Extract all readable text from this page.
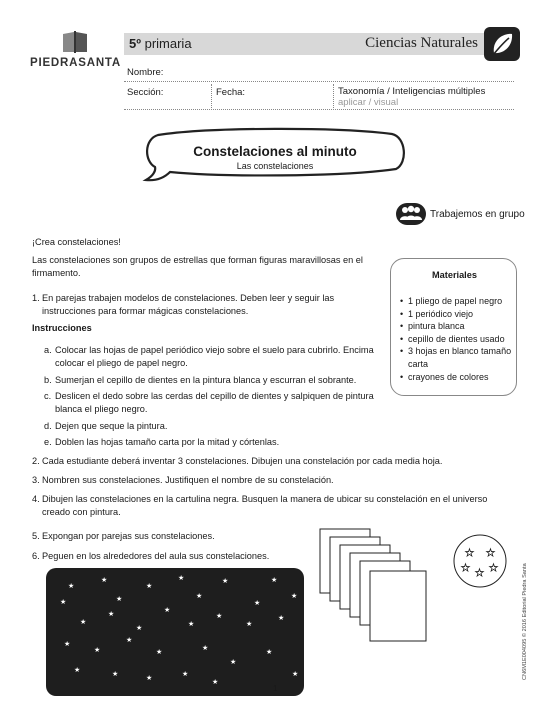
PIEDRASANTA
5º primaria	Ciencias Naturales
Nombre:
Sección:	Fecha:	Taxonomía / Inteligencias múltiples
aplicar / visual
Constelaciones al minuto
Las constelaciones
Trabajemos en grupo
¡Crea constelaciones!
Las constelaciones son grupos de estrellas que forman figuras maravillosas en el firmamento.
1. En parejas trabajen modelos de constelaciones. Deben leer y seguir las instrucciones para formar mágicas constelaciones.
Instrucciones
a. Colocar las hojas de papel periódico viejo sobre el suelo para cubrirlo. Encima colocar el pliego de papel negro.
b. Sumerjan el cepillo de dientes en la pintura blanca y escurran el sobrante.
c. Deslicen el dedo sobre las cerdas del cepillo de dientes y salpiquen de pintura blanca el pliego negro.
d. Dejen que seque la pintura.
e. Doblen las hojas tamaño carta por la mitad y córtenlas.
2. Cada estudiante deberá inventar 3 constelaciones. Dibujen una constelación por cada media hoja.
3. Nombren sus constelaciones. Justifiquen el nombre de su constelación.
4. Dibujen las constelaciones en la cartulina negra. Busquen la manera de ubicar su constelación en el universo creado con pintura.
5. Expongan por parejas sus constelaciones.
6. Peguen en los alrededores del aula sus constelaciones.
Materiales
• 1 pliego de papel negro
• 1 periódico viejo
• pintura blanca
• cepillo de dientes usado
• 3 hojas en blanco tamaño carta
• crayones de colores
★
★
★	★
★
★
★
★	★
★
★
★
★	★
★	★
★
★
★
★
★
★
★	★
★
★
★	★	★	★
★
★
★ ★
★ ★ ★	CN6M1E004095 © 2016 Editorial Piedra Santa
1
